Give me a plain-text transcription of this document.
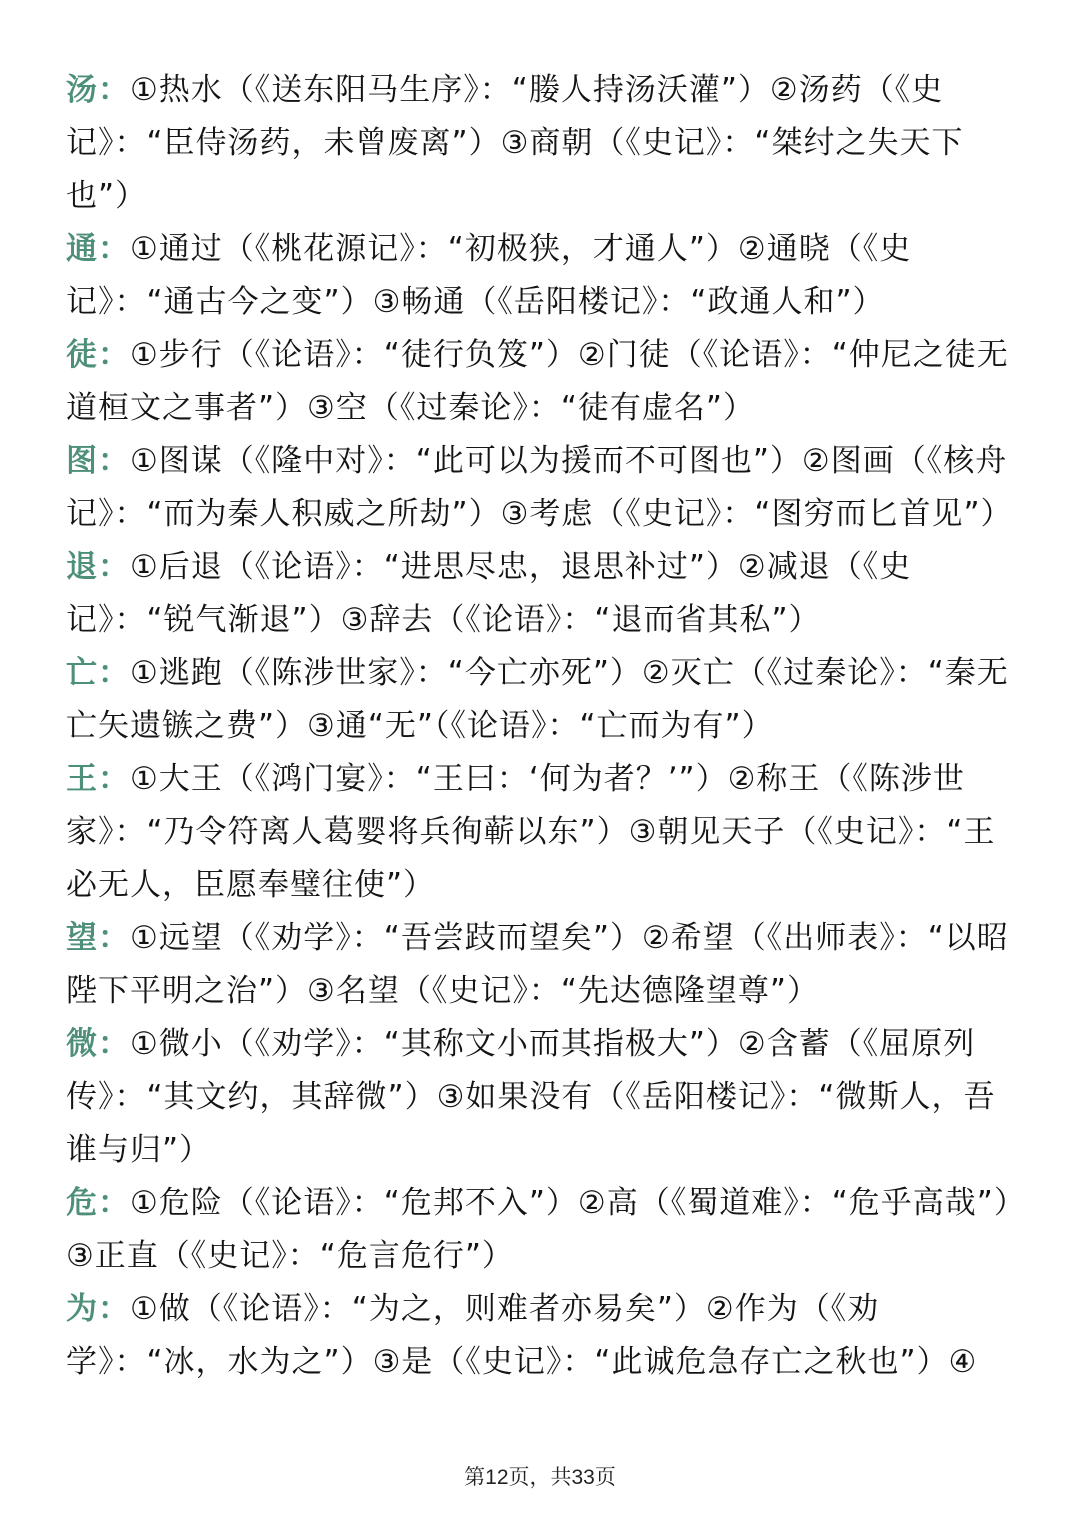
汤：①热水（《送东阳马生序》：“媵人持汤沃灌”）②汤药（《史记》：“臣侍汤药，未曾废离”）③商朝（《史记》：“桀纣之失天下也”）
通：①通过（《桃花源记》：“初极狭，才通人”）②通晓（《史记》：“通古今之变”）③畅通（《岳阳楼记》：“政通人和”）
徒：①步行（《论语》：“徒行负笈”）②门徒（《论语》：“仲尼之徒无道桓文之事者”）③空（《过秦论》：“徒有虚名”）
图：①图谋（《隆中对》：“此可以为援而不可图也”）②图画（《核舟记》：“而为秦人积威之所劫”）③考虑（《史记》：“图穷而匕首见”）
退：①后退（《论语》：“进思尽忠，退思补过”）②减退（《史记》：“锐气渐退”）③辞去（《论语》：“退而省其私”）
亡：①逃跑（《陈涉世家》：“今亡亦死”）②灭亡（《过秦论》：“秦无亡矢遗镞之费”）③通“无”（《论语》：“亡而为有”）
王：①大王（《鸿门宴》：“王曰：‘何为者？’”）②称王（《陈涉世家》：“乃令符离人葛婴将兵徇蕲以东”）③朝见天子（《史记》：“王必无人，臣愿奉璧往使”）
望：①远望（《劝学》：“吾尝跂而望矣”）②希望（《出师表》：“以昭陛下平明之治”）③名望（《史记》：“先达德隆望尊”）
微：①微小（《劝学》：“其称文小而其指极大”）②含蓄（《屈原列传》：“其文约，其辞微”）③如果没有（《岳阳楼记》：“微斯人，吾谁与归”）
危：①危险（《论语》：“危邦不入”）②高（《蜀道难》：“危乎高哉”）③正直（《史记》：“危言危行”）
为：①做（《论语》：“为之，则难者亦易矣”）②作为（《劝学》：“冰，水为之”）③是（《史记》：“此诚危急存亡之秋也”）④
第12页，共33页
